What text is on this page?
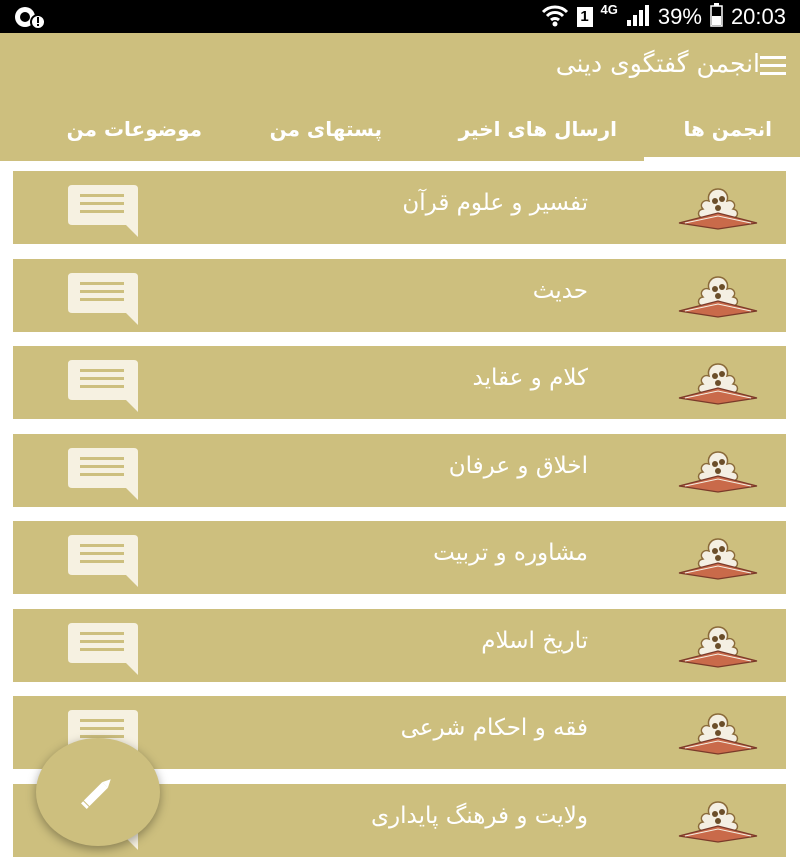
1 4G 39% 20:03
انجمن گفتگوی دینی
انجمن ها
ارسال های اخیر
پستهای من
موضوعات من
تفسیر و علوم قرآن
حدیث
کلام و عقاید
اخلاق و عرفان
مشاوره و تربیت
تاریخ اسلام
فقه و احکام شرعی
ولایت و فرهنگ پایداری
